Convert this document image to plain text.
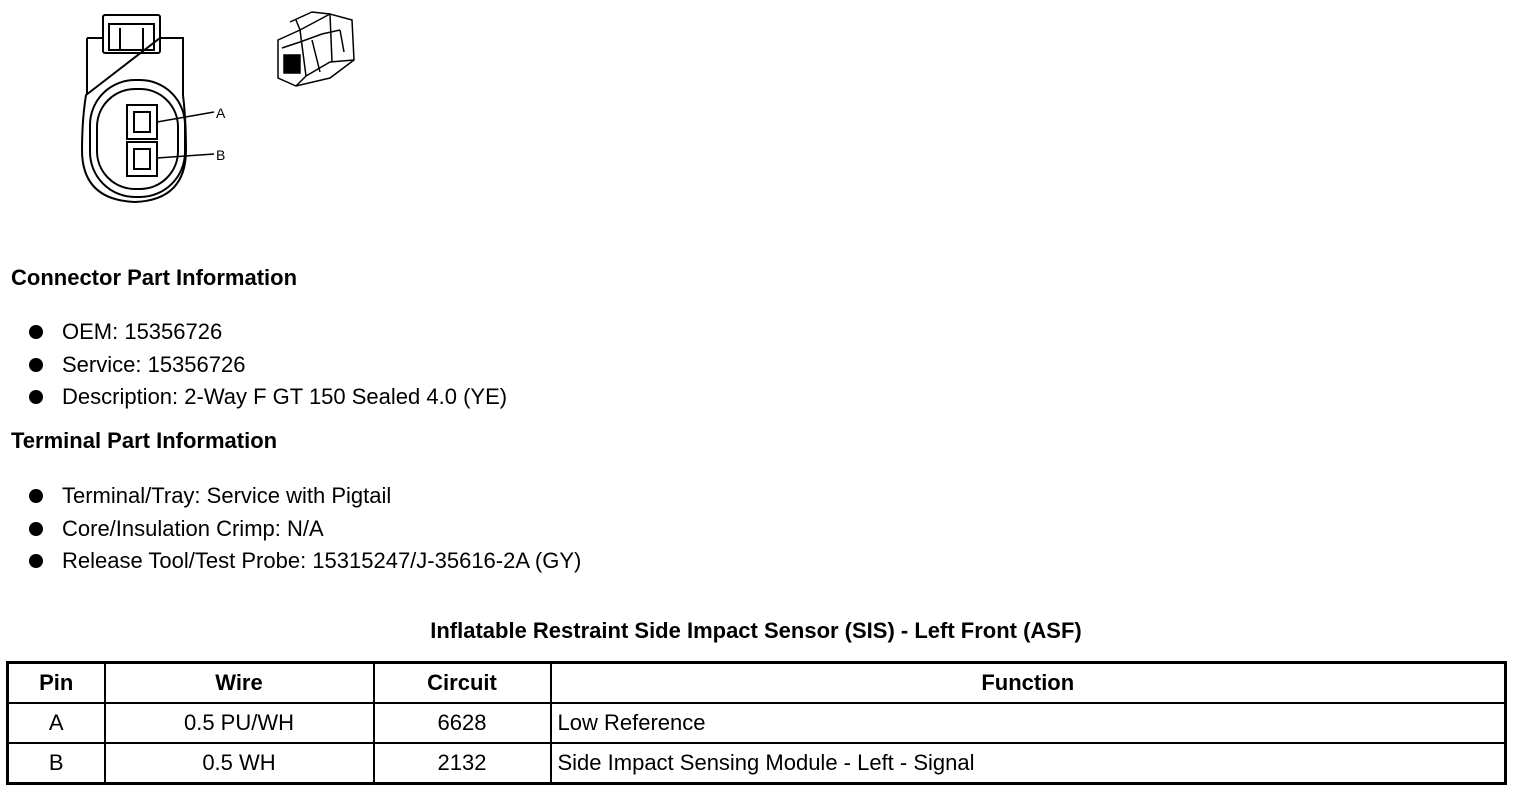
A
B
Connector Part Information
OEM: 15356726
Service: 15356726
Description: 2-Way F GT 150 Sealed 4.0 (YE)
Terminal Part Information
Terminal/Tray: Service with Pigtail
Core/Insulation Crimp: N/A
Release Tool/Test Probe: 15315247/J-35616-2A (GY)
Inflatable Restraint Side Impact Sensor (SIS) - Left Front (ASF)
Pin	Wire	Circuit	Function
A	0.5 PU/WH	6628	Low Reference
B	0.5 WH	2132	Side Impact Sensing Module - Left - Signal
